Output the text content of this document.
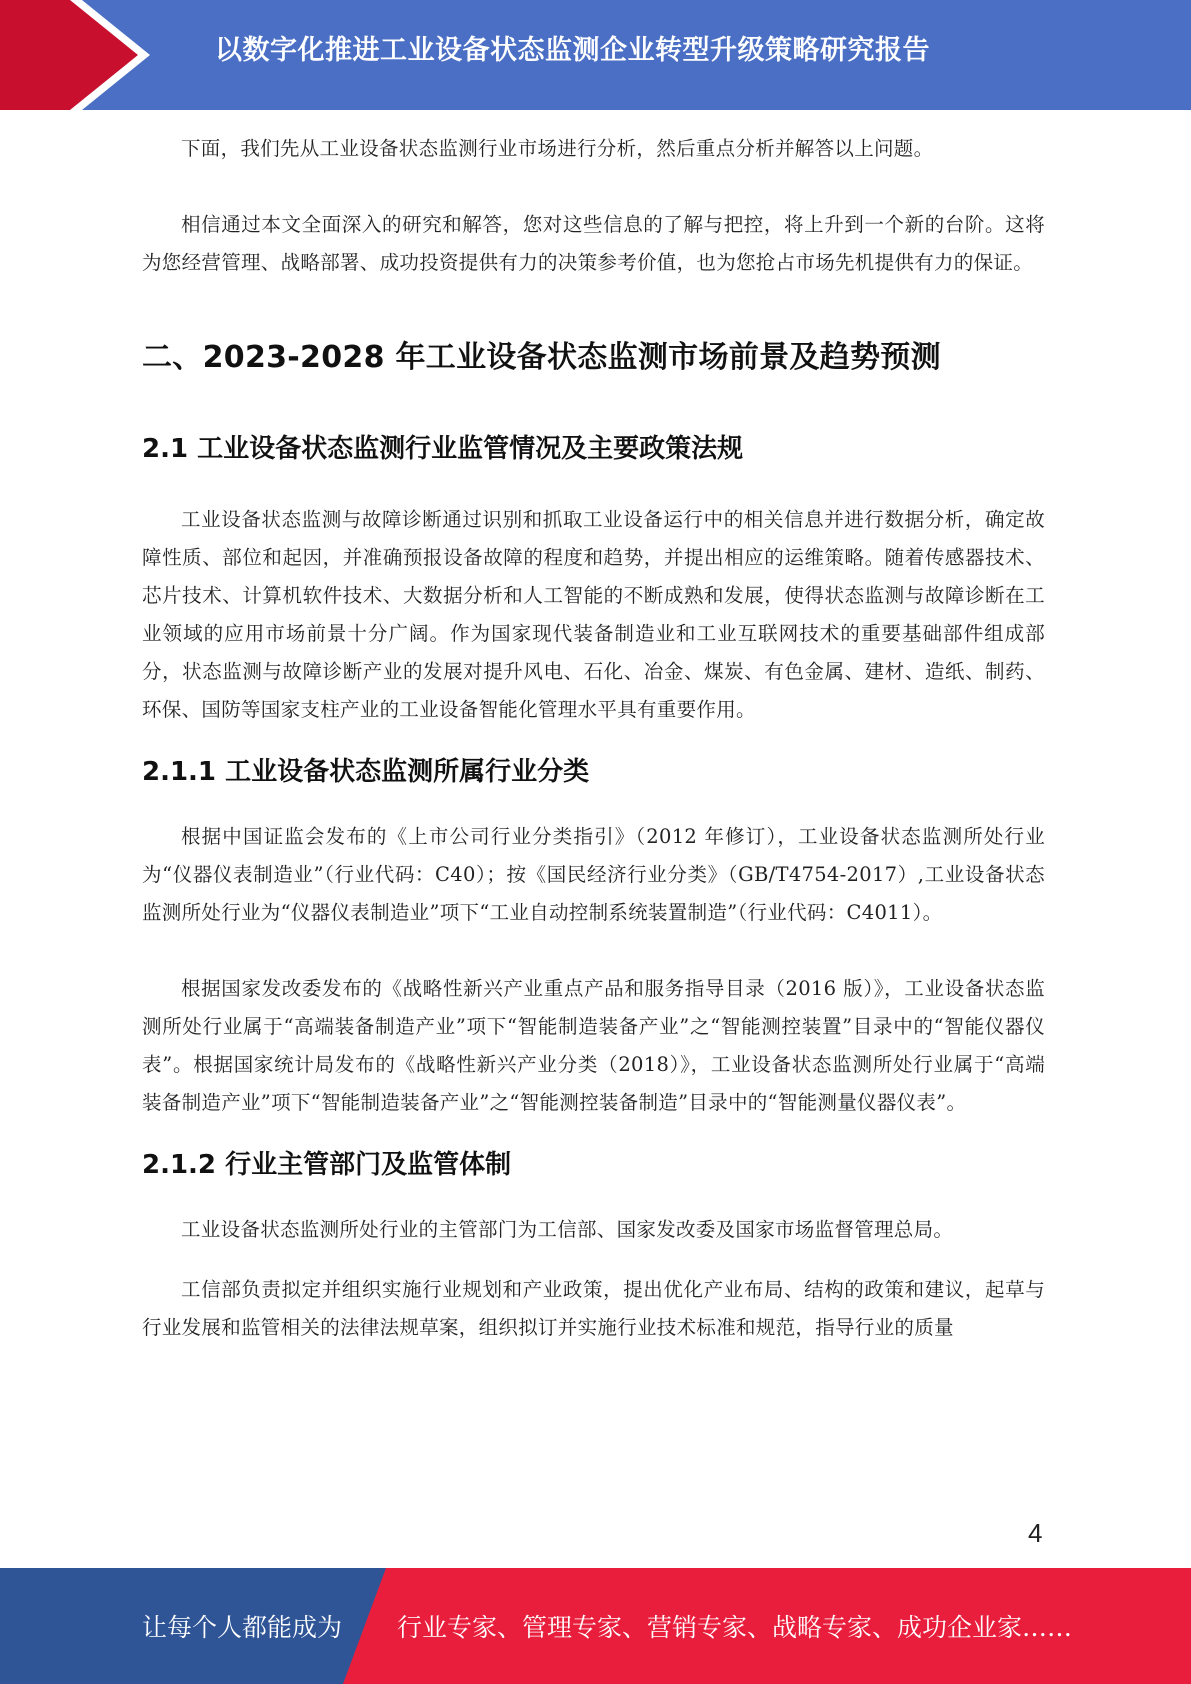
以数字化推进工业设备状态监测企业转型升级策略研究报告

下面，我们先从工业设备状态监测行业市场进行分析，然后重点分析并解答以上问题。

相信通过本文全面深入的研究和解答，您对这些信息的了解与把控，将上升到一个新的台阶。这将为您经营管理、战略部署、成功投资提供有力的决策参考价值，也为您抢占市场先机提供有力的保证。

二、2023-2028 年工业设备状态监测市场前景及趋势预测
2.1 工业设备状态监测行业监管情况及主要政策法规

工业设备状态监测与故障诊断通过识别和抓取工业设备运行中的相关信息并进行数据分析，确定故障性质、部位和起因，并准确预报设备故障的程度和趋势，并提出相应的运维策略。随着传感器技术、芯片技术、计算机软件技术、大数据分析和人工智能的不断成熟和发展，使得状态监测与故障诊断在工业领域的应用市场前景十分广阔。作为国家现代装备制造业和工业互联网技术的重要基础部件组成部分，状态监测与故障诊断产业的发展对提升风电、石化、冶金、煤炭、有色金属、建材、造纸、制药、环保、国防等国家支柱产业的工业设备智能化管理水平具有重要作用。

2.1.1 工业设备状态监测所属行业分类

根据中国证监会发布的《上市公司行业分类指引》（2012 年修订），工业设备状态监测所处行业为“仪器仪表制造业”（行业代码：C40）；按《国民经济行业分类》（GB/T4754-2017）,工业设备状态监测所处行业为“仪器仪表制造业”项下“工业自动控制系统装置制造”（行业代码：C4011）。

根据国家发改委发布的《战略性新兴产业重点产品和服务指导目录（2016 版）》，工业设备状态监测所处行业属于“高端装备制造产业”项下“智能制造装备产业”之“智能测控装置”目录中的“智能仪器仪表”。根据国家统计局发布的《战略性新兴产业分类（2018）》，工业设备状态监测所处行业属于“高端装备制造产业”项下“智能制造装备产业”之“智能测控装备制造”目录中的“智能测量仪器仪表”。

2.1.2 行业主管部门及监管体制

工业设备状态监测所处行业的主管部门为工信部、国家发改委及国家市场监督管理总局。

工信部负责拟定并组织实施行业规划和产业政策，提出优化产业布局、结构的政策和建议，起草与行业发展和监管相关的法律法规草案，组织拟订并实施行业技术标准和规范，指导行业的质量

4
让每个人都能成为 行业专家、管理专家、营销专家、战略专家、成功企业家……
